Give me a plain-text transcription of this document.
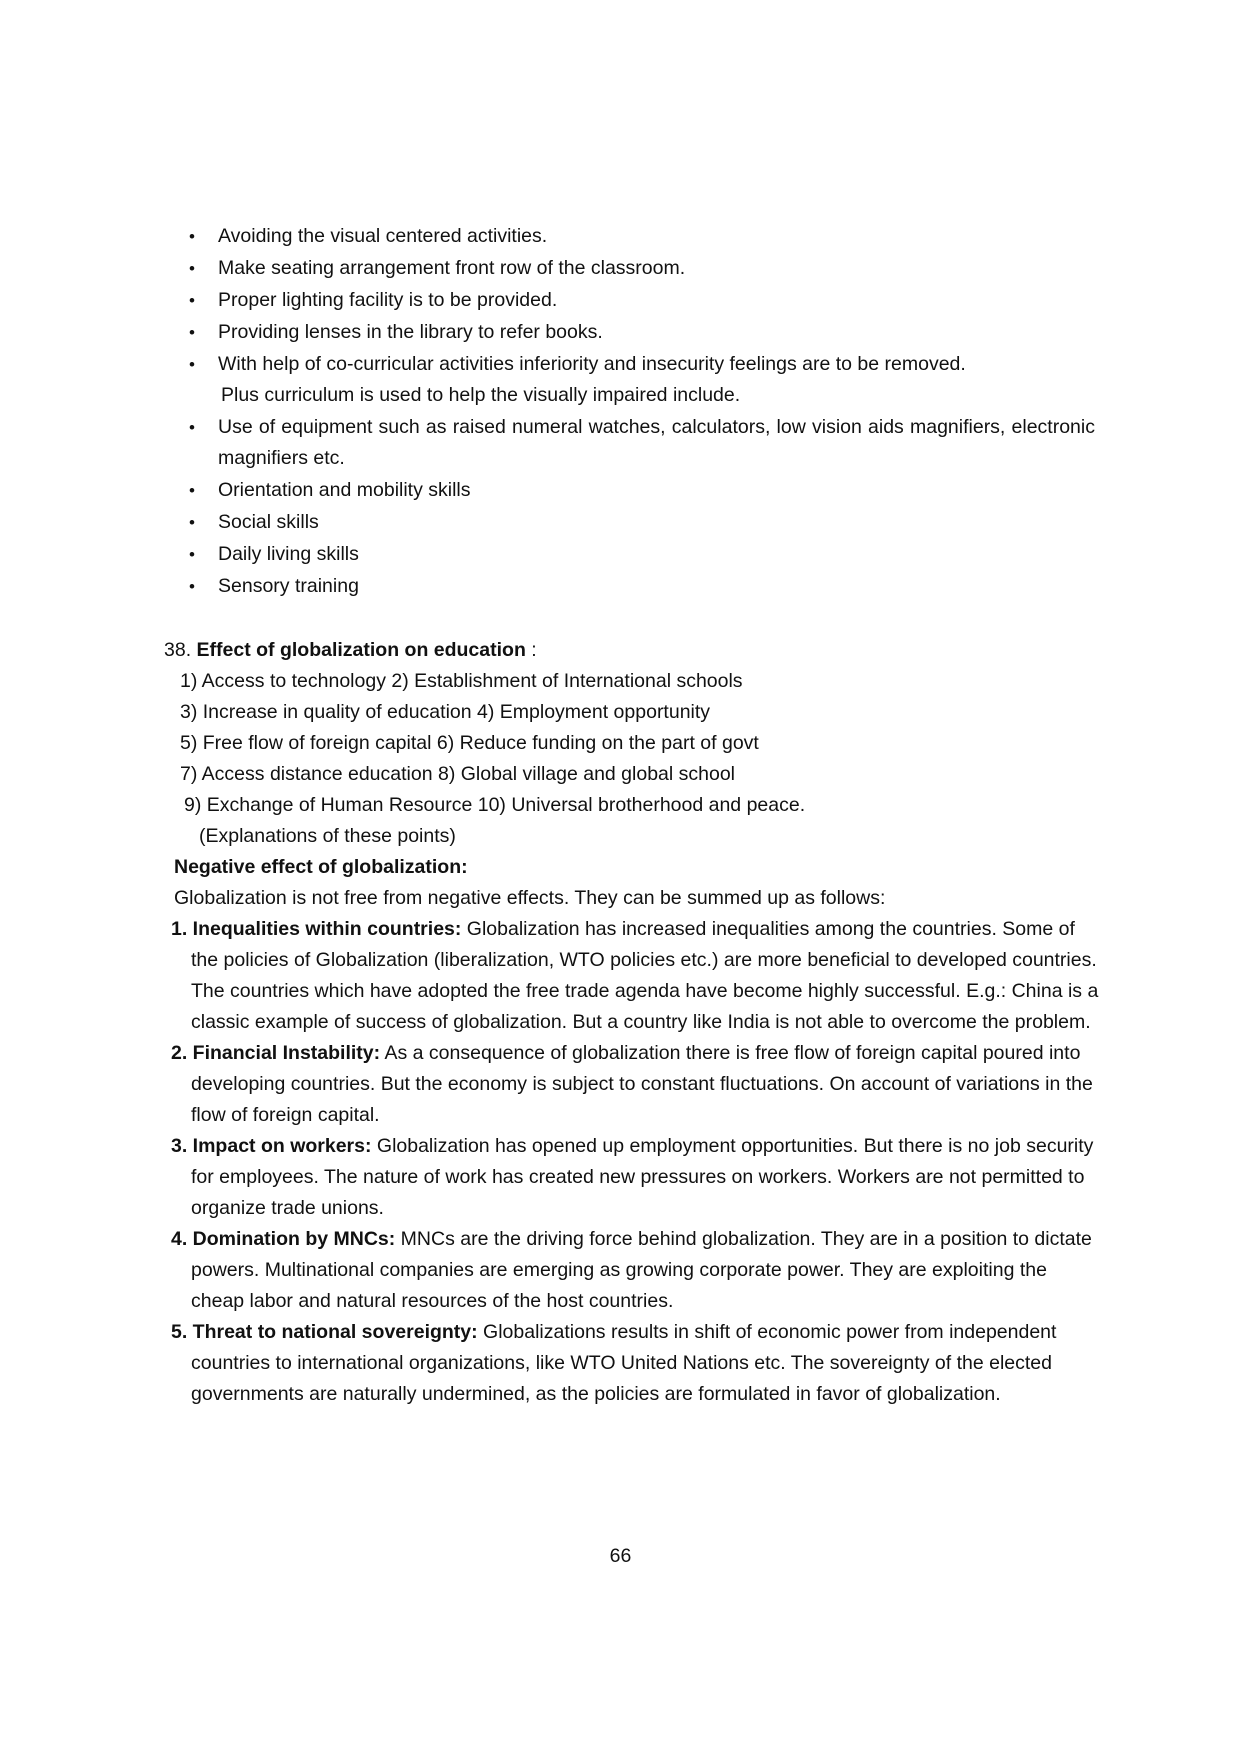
•	Avoiding the visual centered activities.
•	Make seating arrangement front row of the classroom.
•	Proper lighting facility is to be provided.
•	Providing lenses in the library to refer books.
•	With help of co-curricular activities inferiority and insecurity feelings are to be removed.
Plus curriculum is used to help the visually impaired include.
•	Use of equipment such as raised numeral watches, calculators, low vision aids magnifiers, electronic magnifiers etc.
•	Orientation and mobility skills
•	Social skills
•	Daily living skills
•	Sensory training
38. Effect of globalization on education :
1) Access to technology 2) Establishment of International schools
3) Increase in quality of education 4) Employment opportunity
5) Free flow of foreign capital 6) Reduce funding on the part of govt
7) Access distance education 8) Global village and global school
9) Exchange of Human Resource 10) Universal brotherhood and peace.
(Explanations of these points)
Negative effect of globalization:
Globalization is not free from negative effects. They can be summed up as follows:
1. Inequalities within countries: Globalization has increased inequalities among the countries. Some of the policies of Globalization (liberalization, WTO policies etc.) are more beneficial to developed countries. The countries which have adopted the free trade agenda have become highly successful. E.g.: China is a classic example of success of globalization. But a country like India is not able to overcome the problem.
2. Financial Instability: As a consequence of globalization there is free flow of foreign capital poured into developing countries. But the economy is subject to constant fluctuations. On account of variations in the flow of foreign capital.
3. Impact on workers: Globalization has opened up employment opportunities. But there is no job security for employees. The nature of work has created new pressures on workers. Workers are not permitted to organize trade unions.
4. Domination by MNCs: MNCs are the driving force behind globalization. They are in a position to dictate powers. Multinational companies are emerging as growing corporate power. They are exploiting the cheap labor and natural resources of the host countries.
5. Threat to national sovereignty: Globalizations results in shift of economic power from independent countries to international organizations, like WTO United Nations etc. The sovereignty of the elected governments are naturally undermined, as the policies are formulated in favor of globalization.
66
